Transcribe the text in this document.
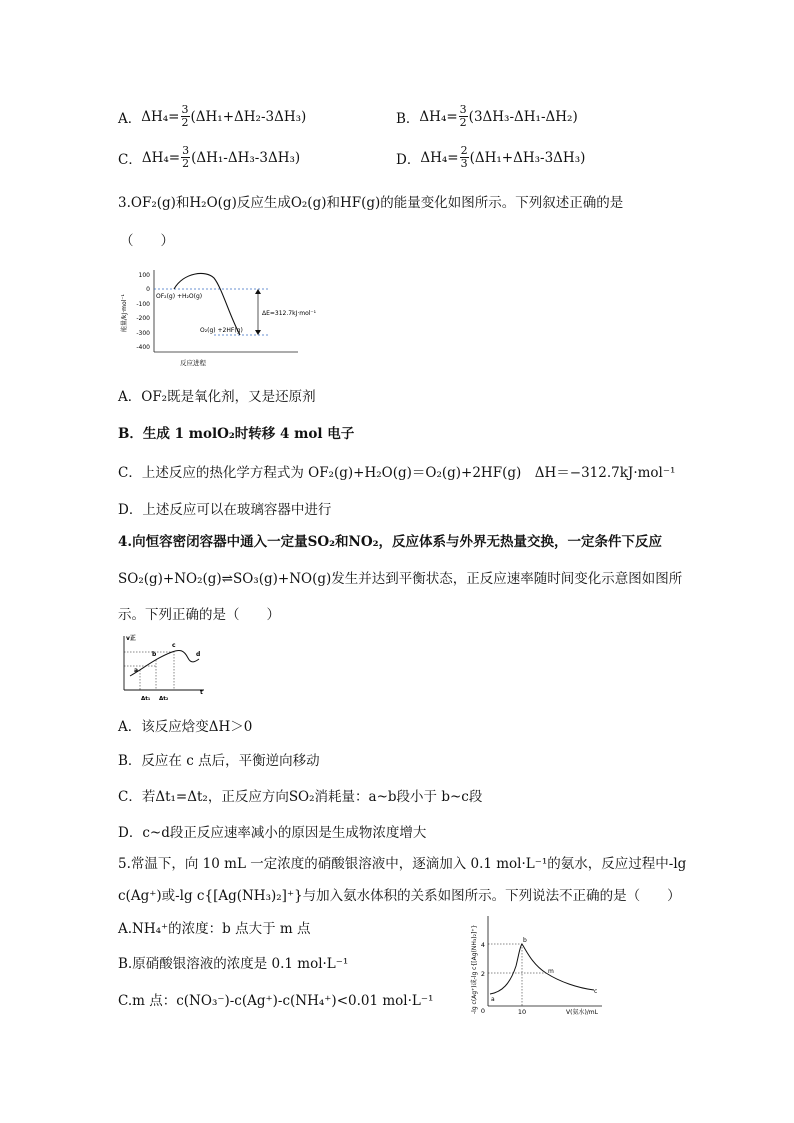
A． $\Delta H_4= \frac{3}{2} (\Delta H_1+\Delta H_2-3\Delta H_3)$	B． $\Delta H_4= \frac{3}{2} (3\Delta H_3-\Delta H_1-\Delta H_2)$
C． $\Delta H_4= \frac{3}{2} (\Delta H_1-\Delta H_3-3\Delta H_3)$	D． $\Delta H_4= \frac{2}{3} (\Delta H_1+\Delta H_3-3\Delta H_3)$
3.OF₂(g)和H₂O(g)反应生成O₂(g)和HF(g)的能量变化如图所示。下列叙述正确的是
（　　）
能量/kJ·mol⁻¹
100
0
-100
-200
-300
-400
OF₂(g) +H₂O(g)
O₂(g) +2HF(g)
ΔE=312.7kJ·mol⁻¹
反应进程
A．OF₂既是氧化剂，又是还原剂
B．生成 1 molO₂时转移 4 mol 电子
C．上述反应的热化学方程式为 OF₂(g)+H₂O(g)＝O₂(g)+2HF(g)　ΔH＝−312.7kJ·mol⁻¹
D．上述反应可以在玻璃容器中进行
4.向恒容密闭容器中通入一定量SO₂和NO₂，反应体系与外界无热量交换，一定条件下反应
SO₂(g)+NO₂(g)⇌SO₃(g)+NO(g)发生并达到平衡状态，正反应速率随时间变化示意图如图所
示。下列正确的是（　　）
v正
t
a
b
c
d
Δt₁ Δt₂
A．该反应焓变ΔH＞0
B．反应在 c 点后，平衡逆向移动
C．若Δt₁=Δt₂，正反应方向SO₂消耗量：a~b段小于 b~c段
D．c~d段正反应速率减小的原因是生成物浓度增大
5.常温下，向 10 mL 一定浓度的硝酸银溶液中，逐滴加入 0.1 mol·L⁻¹的氨水，反应过程中-lg
c(Ag⁺)或-lg c{[Ag(NH₃)₂]⁺}与加入氨水体积的关系如图所示。下列说法不正确的是（　　）
A.NH₄⁺的浓度：b 点大于 m 点
B.原硝酸银溶液的浓度是 0.1 mol·L⁻¹
C.m 点：c(NO₃⁻)-c(Ag⁺)-c(NH₄⁺)<0.01 mol·L⁻¹	-lg c(Ag⁺)或-lg c{[Ag(NH₃)₂]⁺} 4
2
0	10	V(氨水)/mL
a
b
m
c
